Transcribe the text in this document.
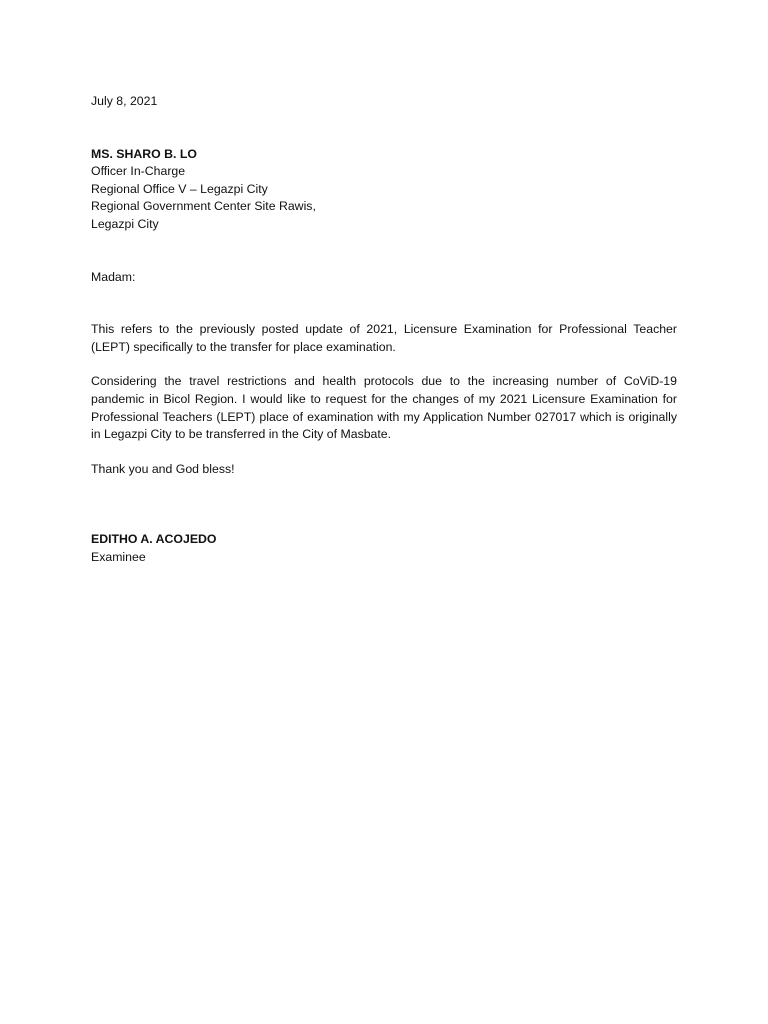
July 8, 2021
MS. SHARO B. LO
Officer In-Charge
Regional Office V – Legazpi City
Regional Government Center Site Rawis,
Legazpi City
Madam:
This refers to the previously posted update of 2021, Licensure Examination for Professional Teacher (LEPT) specifically to the transfer for place examination.
Considering the travel restrictions and health protocols due to the increasing number of CoViD-19 pandemic in Bicol Region. I would like to request for the changes of my 2021 Licensure Examination for Professional Teachers (LEPT) place of examination with my Application Number 027017 which is originally in Legazpi City to be transferred in the City of Masbate.
Thank you and God bless!
EDITHO A. ACOJEDO
Examinee
